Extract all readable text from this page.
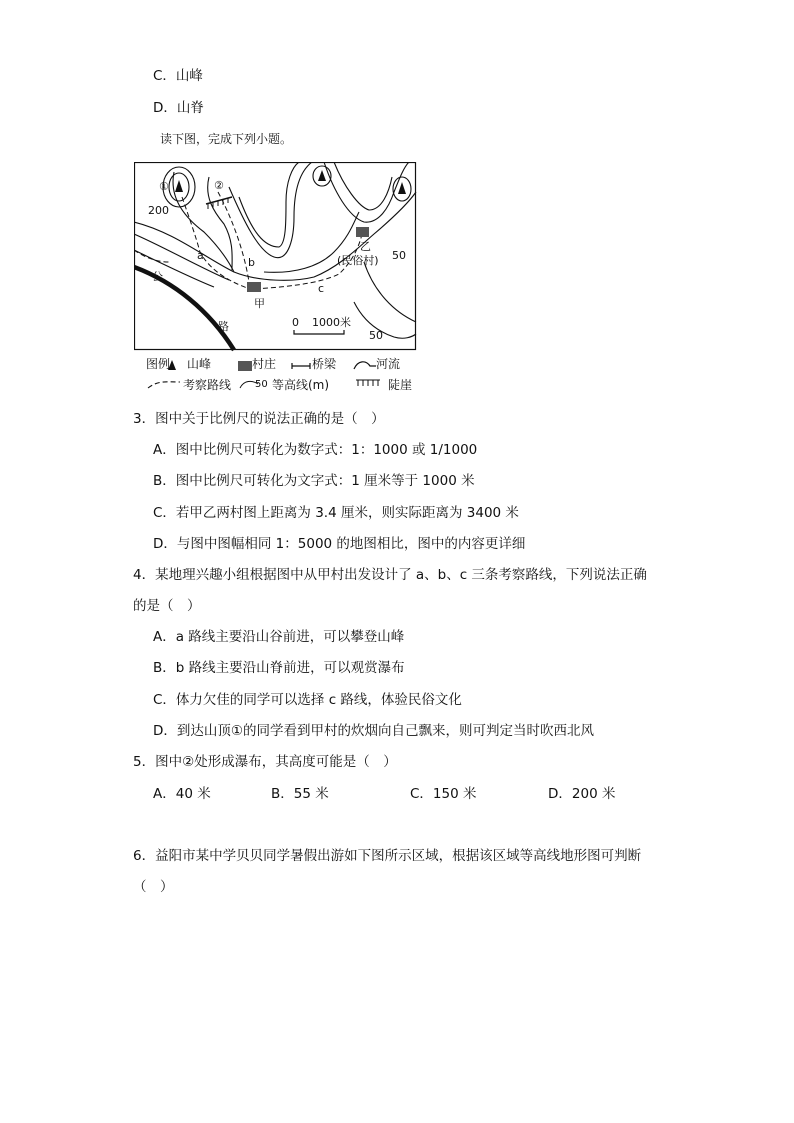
C．山峰
D．山脊
读下图，完成下列小题。
①	②
200
50
50
a
b
c
甲
乙
(民俗村)
公
路	0 1000米
图例 山峰	村庄	桥梁	河流
考察路线 50 等高线(m)	陡崖
3．图中关于比例尺的说法正确的是（　）
A．图中比例尺可转化为数字式：1：1000 或 1/1000
B．图中比例尺可转化为文字式：1 厘米等于 1000 米
C．若甲乙两村图上距离为 3.4 厘米，则实际距离为 3400 米
D．与图中图幅相同 1：5000 的地图相比，图中的内容更详细
4．某地理兴趣小组根据图中从甲村出发设计了 a、b、c 三条考察路线，下列说法正确
的是（　）
A．a 路线主要沿山谷前进，可以攀登山峰
B．b 路线主要沿山脊前进，可以观赏瀑布
C．体力欠佳的同学可以选择 c 路线，体验民俗文化
D．到达山顶①的同学看到甲村的炊烟向自己飘来，则可判定当时吹西北风
5．图中②处形成瀑布，其高度可能是（　）
A．40 米	B．55 米	C．150 米	D．200 米
6．益阳市某中学贝贝同学暑假出游如下图所示区域，根据该区域等高线地形图可判断
（　）
